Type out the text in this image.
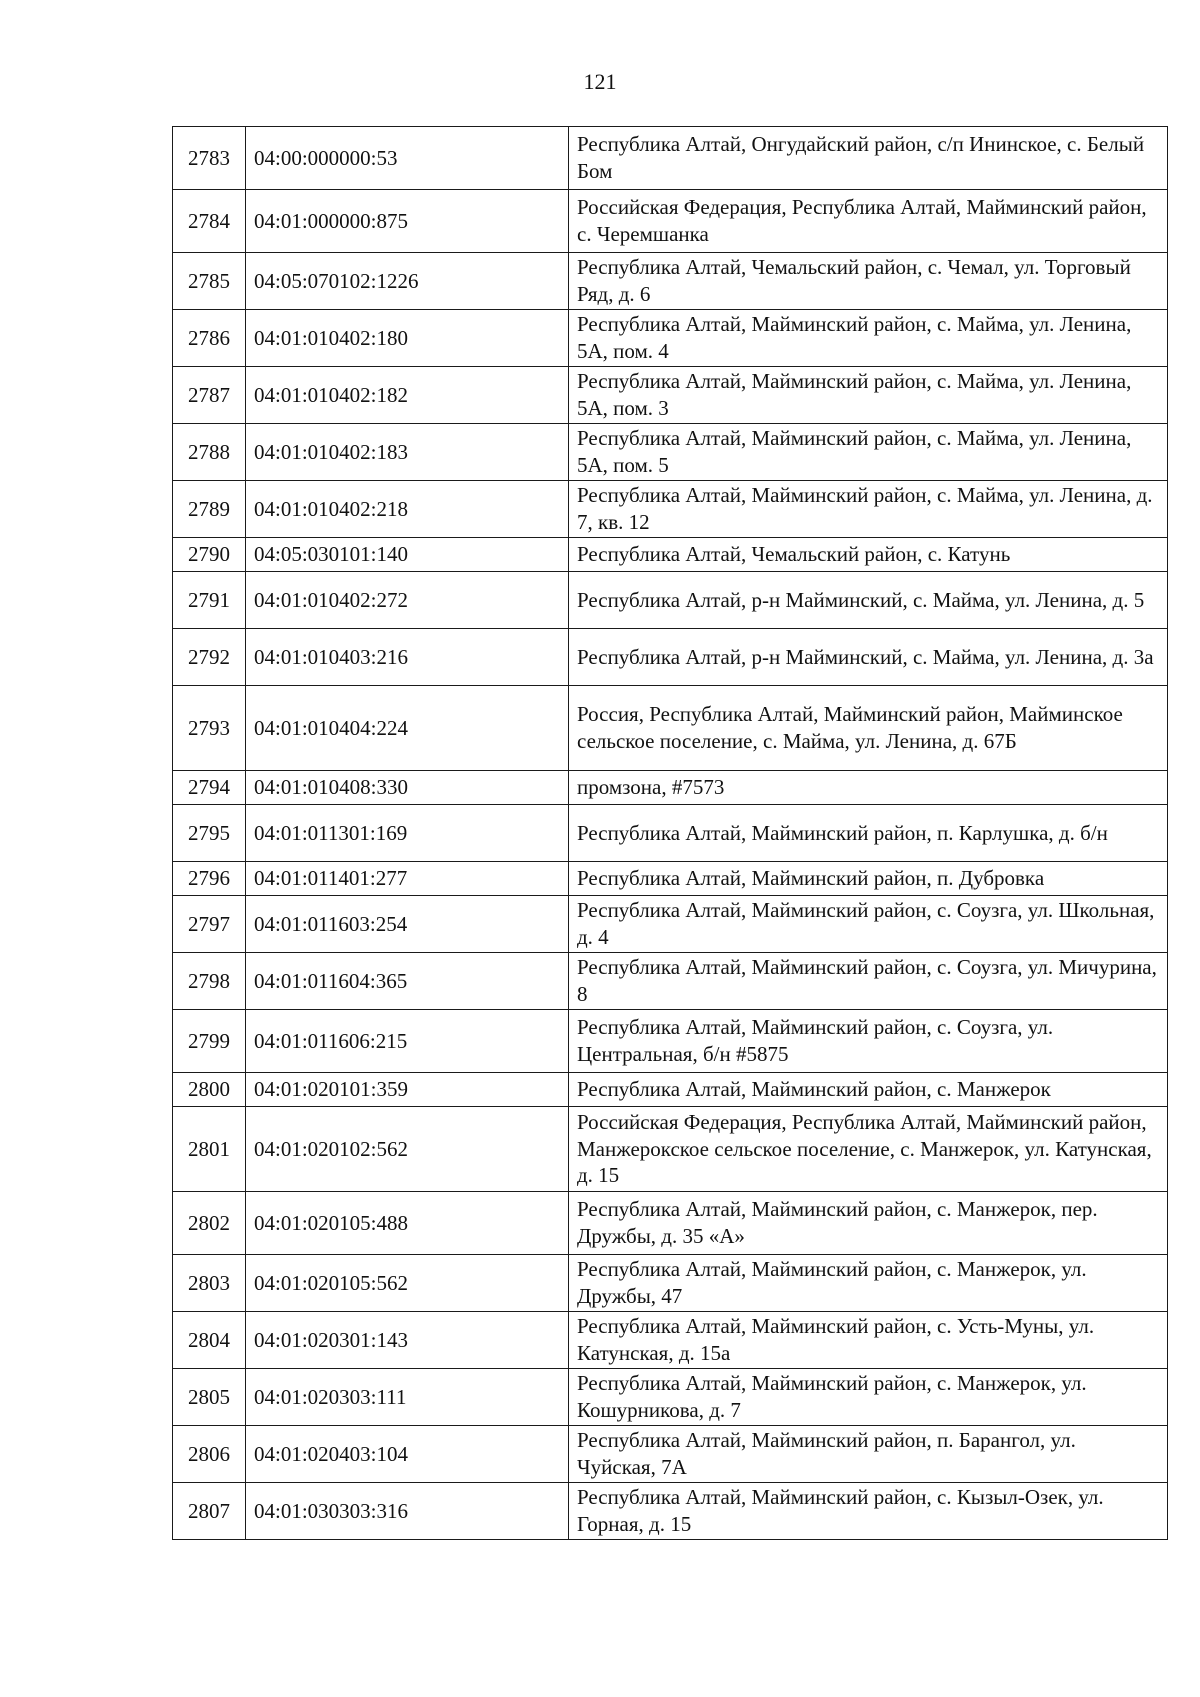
121
2783	04:00:000000:53	Республика Алтай, Онгудайский район, с/п Ининское, с. Белый Бом
2784	04:01:000000:875	Российская Федерация, Республика Алтай, Майминский район, с. Черемшанка
2785	04:05:070102:1226	Республика Алтай, Чемальский район, с. Чемал, ул. Торговый Ряд, д. 6
2786	04:01:010402:180	Республика Алтай, Майминский район, с. Майма, ул. Ленина, 5А, пом. 4
2787	04:01:010402:182	Республика Алтай, Майминский район, с. Майма, ул. Ленина, 5А, пом. 3
2788	04:01:010402:183	Республика Алтай, Майминский район, с. Майма, ул. Ленина, 5А, пом. 5
2789	04:01:010402:218	Республика Алтай, Майминский район, с. Майма, ул. Ленина, д. 7, кв. 12
2790	04:05:030101:140	Республика Алтай, Чемальский район, с. Катунь
2791	04:01:010402:272	Республика Алтай, р-н Майминский, с. Майма, ул. Ленина, д. 5
2792	04:01:010403:216	Республика Алтай, р-н Майминский, с. Майма, ул. Ленина, д. 3а
2793	04:01:010404:224	Россия, Республика Алтай, Майминский район, Майминское сельское поселение, с. Майма, ул. Ленина, д. 67Б
2794	04:01:010408:330	промзона, #7573
2795	04:01:011301:169	Республика Алтай, Майминский район, п. Карлушка, д. б/н
2796	04:01:011401:277	Республика Алтай, Майминский район, п. Дубровка
2797	04:01:011603:254	Республика Алтай, Майминский район, с. Соузга, ул. Школьная, д. 4
2798	04:01:011604:365	Республика Алтай, Майминский район, с. Соузга, ул. Мичурина, 8
2799	04:01:011606:215	Республика Алтай, Майминский район, с. Соузга, ул. Центральная, б/н #5875
2800	04:01:020101:359	Республика Алтай, Майминский район, с. Манжерок
2801	04:01:020102:562	Российская Федерация, Республика Алтай, Майминский район, Манжерокское сельское поселение, с. Манжерок, ул. Катунская, д. 15
2802	04:01:020105:488	Республика Алтай, Майминский район, с. Манжерок, пер. Дружбы, д. 35 «А»
2803	04:01:020105:562	Республика Алтай, Майминский район, с. Манжерок, ул. Дружбы, 47
2804	04:01:020301:143	Республика Алтай, Майминский район, с. Усть-Муны, ул. Катунская, д. 15а
2805	04:01:020303:111	Республика Алтай, Майминский район, с. Манжерок, ул. Кошурникова, д. 7
2806	04:01:020403:104	Республика Алтай, Майминский район, п. Барангол, ул. Чуйская, 7А
2807	04:01:030303:316	Республика Алтай, Майминский район, с. Кызыл-Озек, ул. Горная, д. 15
